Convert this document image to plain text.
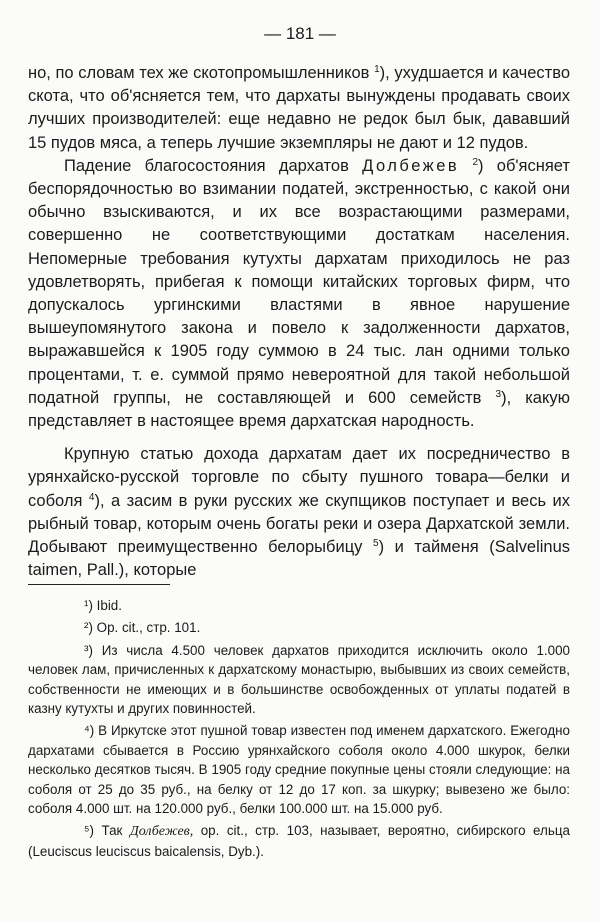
— 181 —

но, по словам тех же скотопромышленников $^1$), ухудшается и качество скота, что об'ясняется тем, что дархаты вынуждены продавать своих лучших производителей: еще недавно не редок был бык, дававший 15 пудов мяса, а теперь лучшие экземпляры не дают и 12 пудов.

Падение благосостояния дархатов Долбежев $^2$) об'ясняет беспорядочностью во взимании податей, экстренностью, с какой они обычно взыскиваются, и их все возрастающими размерами, совершенно не соответствующими достаткам населения. Непомерные требования кутухты дархатам приходилось не раз удовлетворять, прибегая к помощи китайских торговых фирм, что допускалось ургинскими властями в явное нарушение вышеупомянутого закона и повело к задолженности дархатов, выражавшейся к 1905 году суммою в 24 тыс. лан одними только процентами, т. е. суммой прямо невероятной для такой небольшой податной группы, не составляющей и 600 семейств $^3$), какую представляет в настоящее время дархатская народность.

Крупную статью дохода дархатам дает их посредничество в урянхайско-русской торговле по сбыту пушного товара—белки и соболя $^4$), а засим в руки русских же скупщиков поступает и весь их рыбный товар, которым очень богаты реки и озера Дархатской земли. Добывают преимущественно белорыбицу $^5$) и тайменя (Salvelinus taimen, Pall.), которые

¹) Ibid.

²) Op. cit., стр. 101.

³) Из числа 4.500 человек дархатов приходится исключить около 1.000 человек лам, причисленных к дархатскому монастырю, выбывших из своих семейств, собственности не имеющих и в большинстве освобожденных от уплаты податей в казну кутухты и других повинностей.

⁴) В Иркутске этот пушной товар известен под именем дархатского. Ежегодно дархатами сбывается в Россию урянхайского соболя около 4.000 шкурок, белки несколько десятков тысяч. В 1905 году средние покупные цены стояли следующие: на соболя от 25 до 35 руб., на белку от 12 до 17 коп. за шкурку; вывезено же было: соболя 4.000 шт. на 120.000 руб., белки 100.000 шт. на 15.000 руб.

⁵) Так Долбежев, op. cit., стр. 103, называет, вероятно, сибирского ельца (Leuciscus leuciscus baicalensis, Dyb.).
